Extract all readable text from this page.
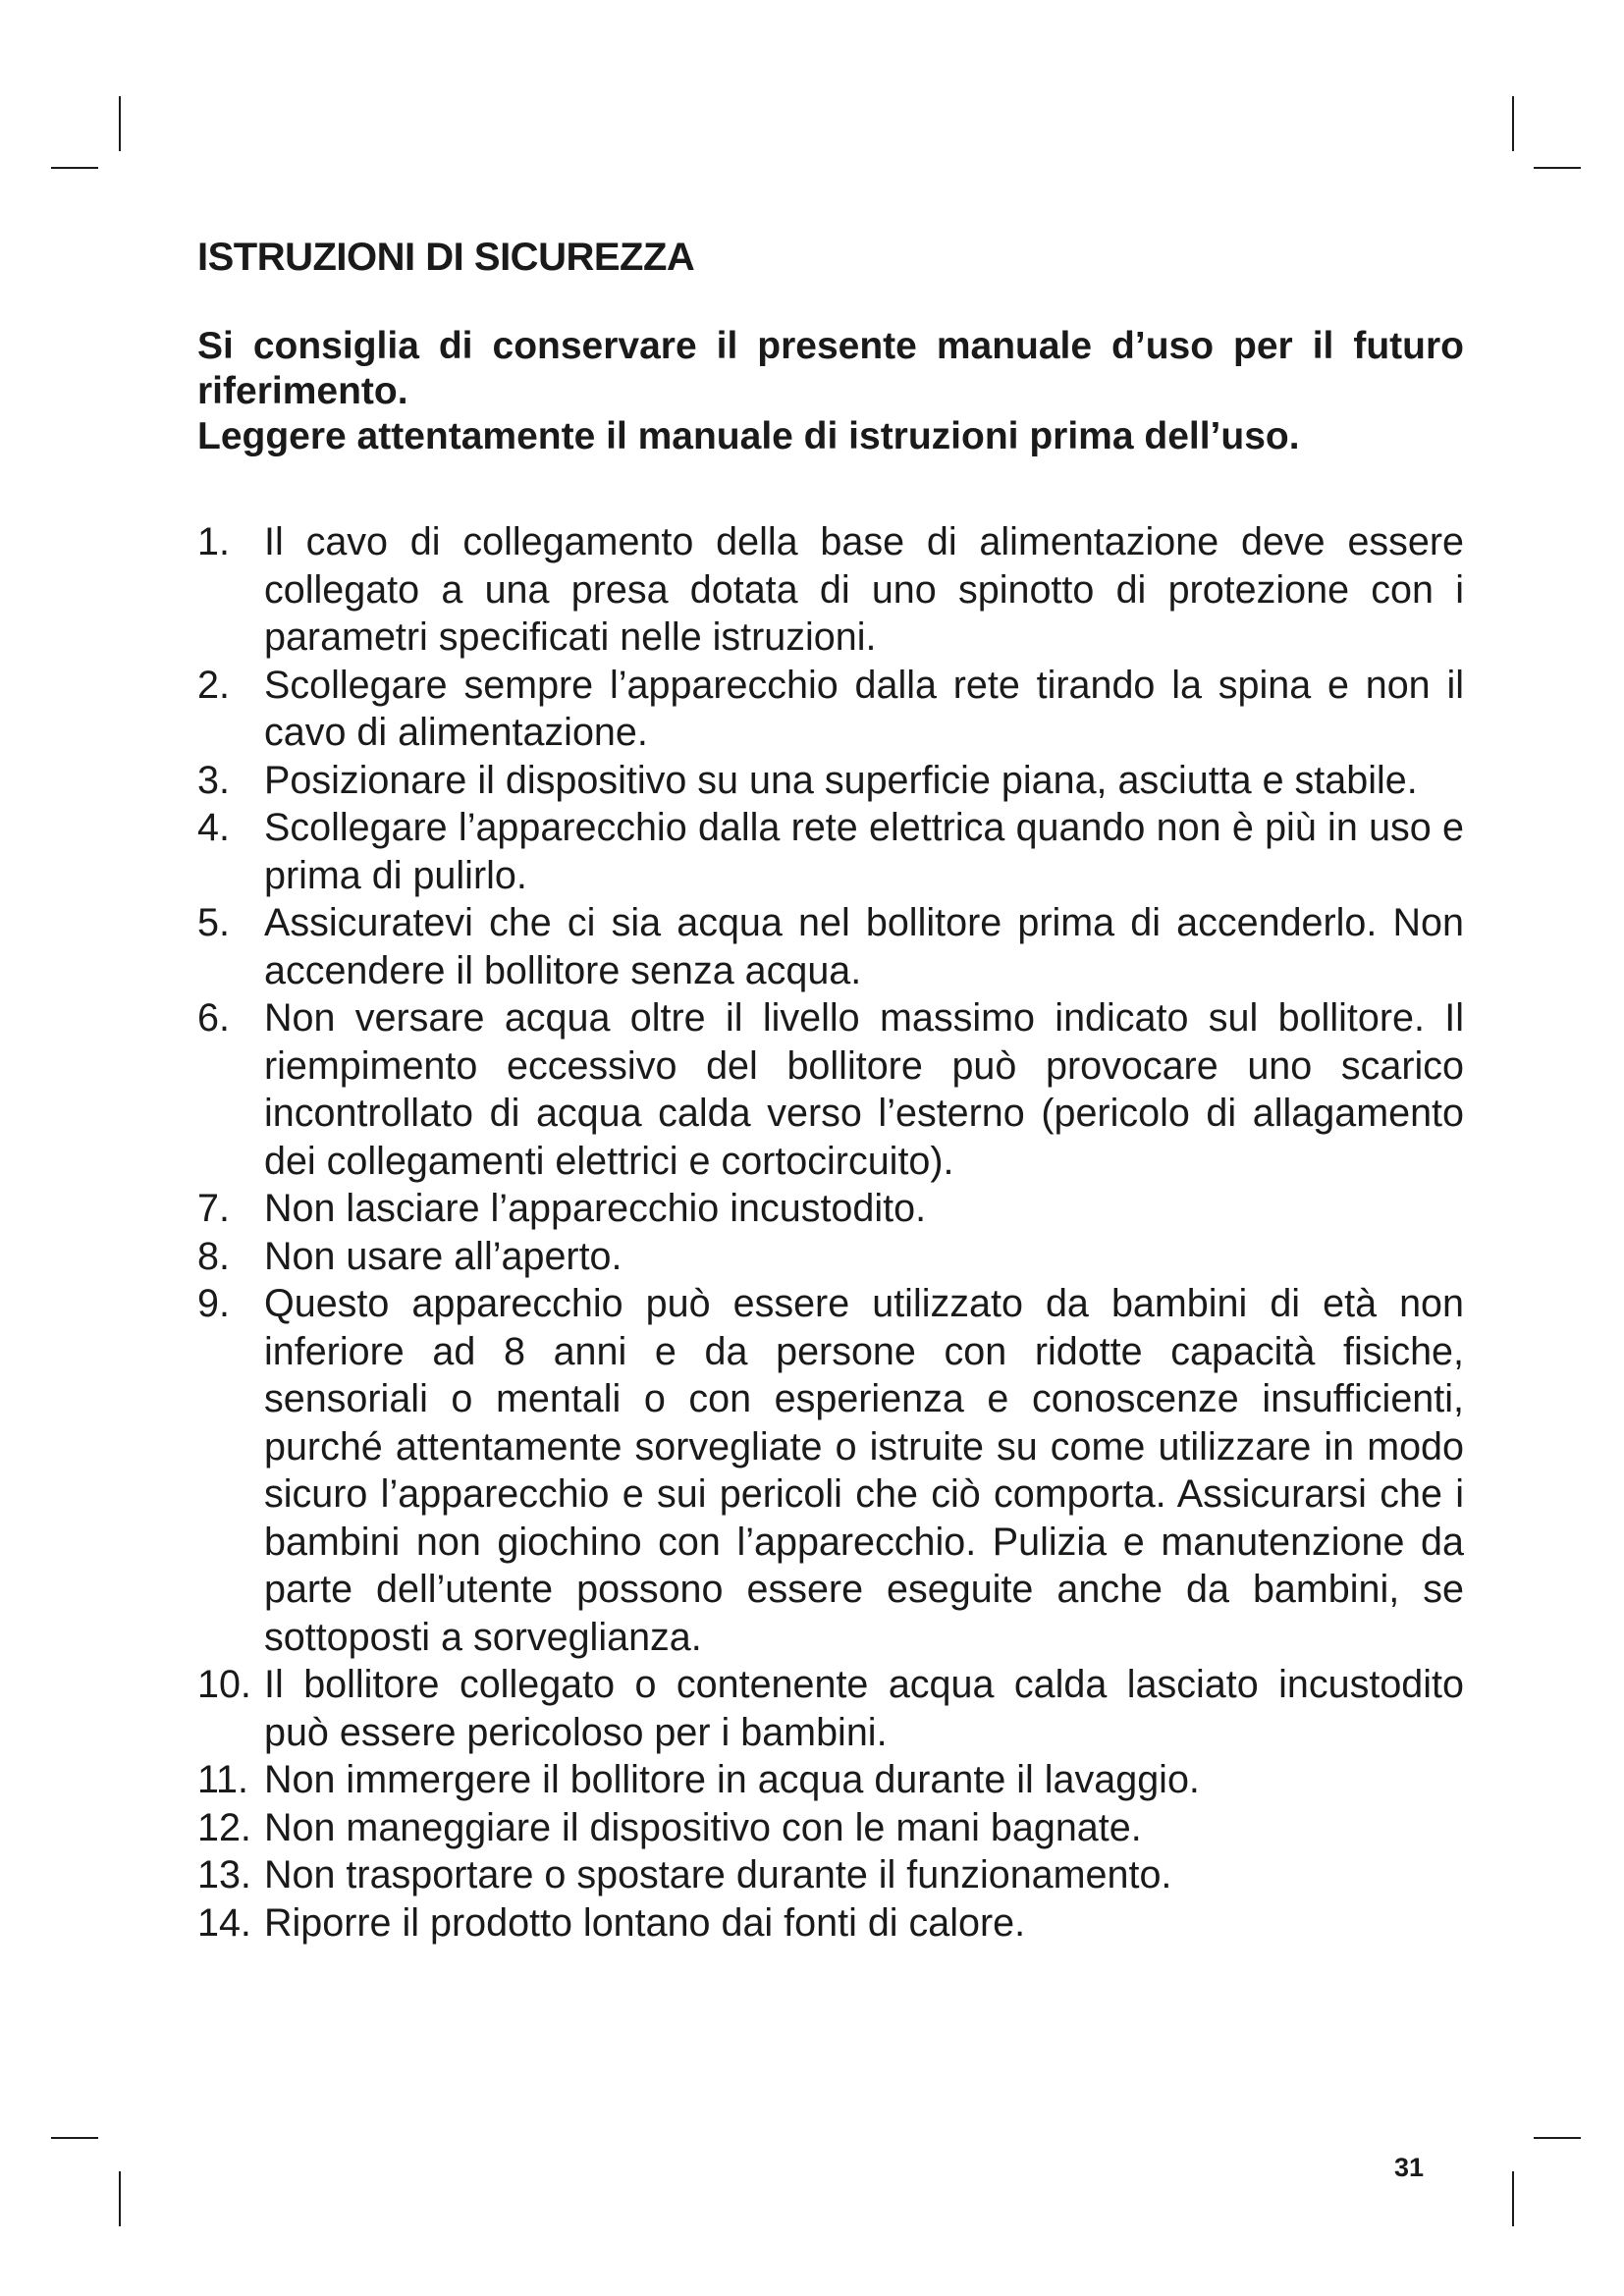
ISTRUZIONI DI SICUREZZA

Si consiglia di conservare il presente manuale d’uso per il futuro riferimento.

Leggere attentamente il manuale di istruzioni prima dell’uso.

1. Il cavo di collegamento della base di alimentazione deve essere collegato a una presa dotata di uno spinotto di protezione con i parametri specificati nelle istruzioni.
2. Scollegare sempre l’apparecchio dalla rete tirando la spina e non il cavo di alimentazione.
3. Posizionare il dispositivo su una superficie piana, asciutta e stabile.
4. Scollegare l’apparecchio dalla rete elettrica quando non è più in uso e prima di pulirlo.
5. Assicuratevi che ci sia acqua nel bollitore prima di accenderlo. Non accendere il bollitore senza acqua.
6. Non versare acqua oltre il livello massimo indicato sul bollitore. Il riempimento eccessivo del bollitore può provocare uno scarico incontrollato di acqua calda verso l’esterno (pericolo di allagamento dei collegamenti elettrici e cortocircuito).
7. Non lasciare l’apparecchio incustodito.
8. Non usare all’aperto.
9. Questo apparecchio può essere utilizzato da bambini di età non inferiore ad 8 anni e da persone con ridotte capacità fisiche, sensoriali o mentali o con esperienza e conoscenze insufficienti, purché attentamente sorvegliate o istruite su come utilizzare in modo sicuro l’apparecchio e sui pericoli che ciò comporta. Assicurarsi che i bambini non giochino con l’apparecchio. Pulizia e manutenzione da parte dell’utente possono essere eseguite anche da bambini, se sottoposti a sorveglianza.
10. Il bollitore collegato o contenente acqua calda lasciato incustodito può essere pericoloso per i bambini.
11. Non immergere il bollitore in acqua durante il lavaggio.
12. Non maneggiare il dispositivo con le mani bagnate.
13. Non trasportare o spostare durante il funzionamento.
14. Riporre il prodotto lontano dai fonti di calore.
31
